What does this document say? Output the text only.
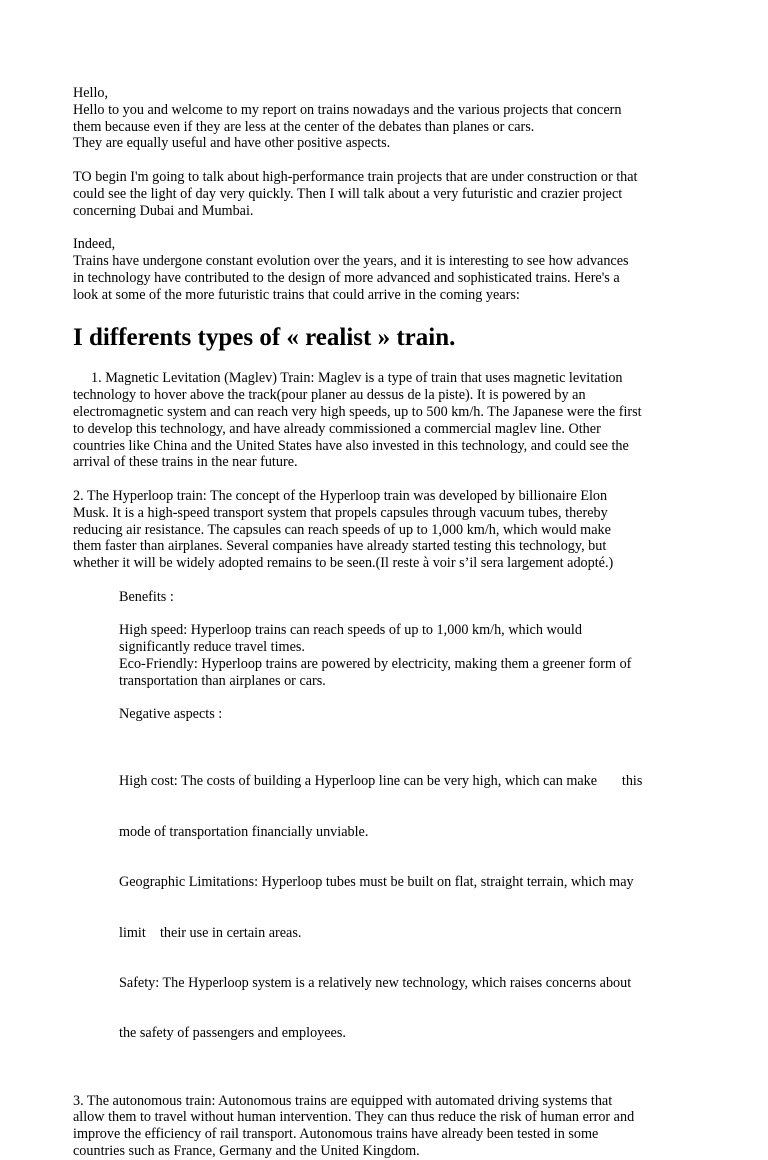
Hello,
Hello to you and welcome to my report on trains nowadays and the various projects that concern
them because even if they are less at the center of the debates than planes or cars.
They are equally useful and have other positive aspects.

TO begin I'm going to talk about high-performance train projects that are under construction or that
could see the light of day very quickly. Then I will talk about a very futuristic and crazier project
concerning Dubai and Mumbai.

Indeed,
Trains have undergone constant evolution over the years, and it is interesting to see how advances
in technology have contributed to the design of more advanced and sophisticated trains. Here's a
look at some of the more futuristic trains that could arrive in the coming years:

I differents types of « realist » train.

1. Magnetic Levitation (Maglev) Train: Maglev is a type of train that uses magnetic levitation
technology to hover above the track(pour planer au dessus de la piste). It is powered by an
electromagnetic system and can reach very high speeds, up to 500 km/h. The Japanese were the first
to develop this technology, and have already commissioned a commercial maglev line. Other
countries like China and the United States have also invested in this technology, and could see the
arrival of these trains in the near future.

2. The Hyperloop train: The concept of the Hyperloop train was developed by billionaire Elon
Musk. It is a high-speed transport system that propels capsules through vacuum tubes, thereby
reducing air resistance. The capsules can reach speeds of up to 1,000 km/h, which would make
them faster than airplanes. Several companies have already started testing this technology, but
whether it will be widely adopted remains to be seen.(Il reste à voir s’il sera largement adopté.)

Benefits :

High speed: Hyperloop trains can reach speeds of up to 1,000 km/h, which would
significantly reduce travel times.
Eco-Friendly: Hyperloop trains are powered by electricity, making them a greener form of
transportation than airplanes or cars.

Negative aspects :

High cost: The costs of building a Hyperloop line can be very high, which can make       this

mode of transportation financially unviable.

Geographic Limitations: Hyperloop tubes must be built on flat, straight terrain, which may

limit    their use in certain areas.

Safety: The Hyperloop system is a relatively new technology, which raises concerns about

the safety of passengers and employees.

3. The autonomous train: Autonomous trains are equipped with automated driving systems that
allow them to travel without human intervention. They can thus reduce the risk of human error and
improve the efficiency of rail transport. Autonomous trains have already been tested in some
countries such as France, Germany and the United Kingdom.
